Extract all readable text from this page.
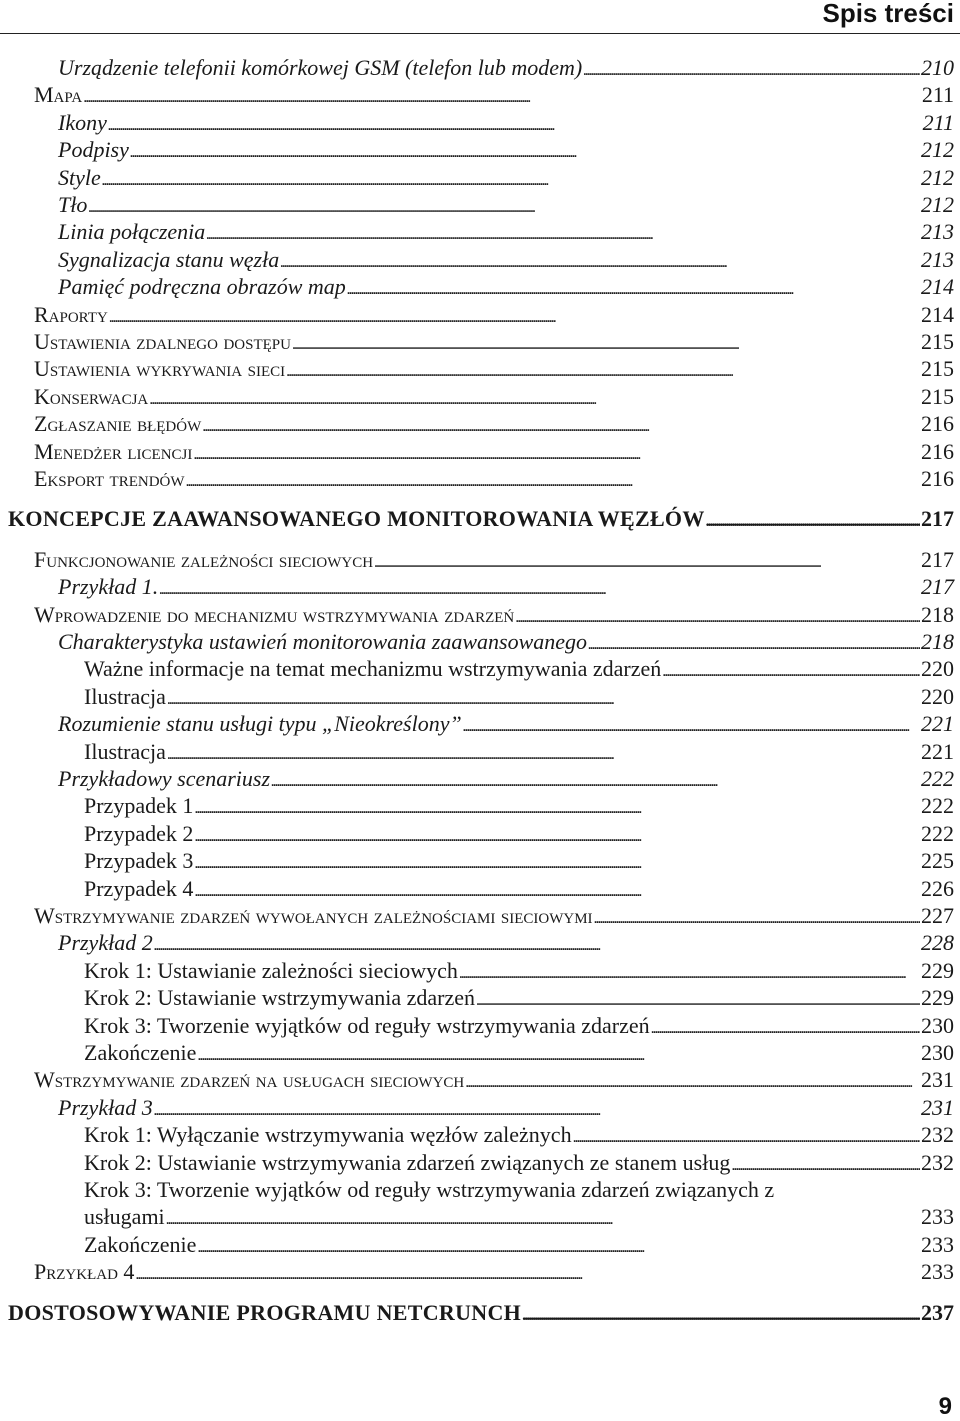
Spis treści
Urządzenie telefonii komórkowej GSM (telefon lub modem) . . .	210
Mapa . . .	211
Ikony . . .	211
Podpisy . . .	212
Style . . .	212
Tło . . .	212
Linia połączenia . . .	213
Sygnalizacja stanu węzła . . .	213
Pamięć podręczna obrazów map . . .	214
Raporty . . .	214
Ustawienia zdalnego dostępu . . .	215
Ustawienia wykrywania sieci . . .	215
Konserwacja . . .	215
Zgłaszanie błędów . . .	216
Menedżer licencji . . .	216
Eksport trendów . . .	216
KONCEPCJE ZAAWANSOWANEGO MONITOROWANIA WĘZŁÓW . . .	217
Funkcjonowanie zależności sieciowych . . .	217
Przykład 1. . . .	217
Wprowadzenie do mechanizmu wstrzymywania zdarzeń . . .	218
Charakterystyka ustawień monitorowania zaawansowanego . . .	218
Ważne informacje na temat mechanizmu wstrzymywania zdarzeń . . .	220
Ilustracja . . .	220
Rozumienie stanu usługi typu „Nieokreślony” . . .	221
Ilustracja . . .	221
Przykładowy scenariusz . . .	222
Przypadek 1 . . .	222
Przypadek 2 . . .	222
Przypadek 3 . . .	225
Przypadek 4 . . .	226
Wstrzymywanie zdarzeń wywołanych zależnościami sieciowymi . . .	227
Przykład 2 . . .	228
Krok 1: Ustawianie zależności sieciowych . . .	229
Krok 2: Ustawianie wstrzymywania zdarzeń . . .	229
Krok 3: Tworzenie wyjątków od reguły wstrzymywania zdarzeń . . .	230
Zakończenie . . .	230
Wstrzymywanie zdarzeń na usługach sieciowych . . .	231
Przykład 3 . . .	231
Krok 1: Wyłączanie wstrzymywania węzłów zależnych . . .	232
Krok 2: Ustawianie wstrzymywania zdarzeń związanych ze stanem usług . . .	232
Krok 3: Tworzenie wyjątków od reguły wstrzymywania zdarzeń związanych z
usługami . . .	233
Zakończenie . . .	233
Przykład 4 . . .	233
DOSTOSOWYWANIE PROGRAMU NETCRUNCH . . .	237
9
